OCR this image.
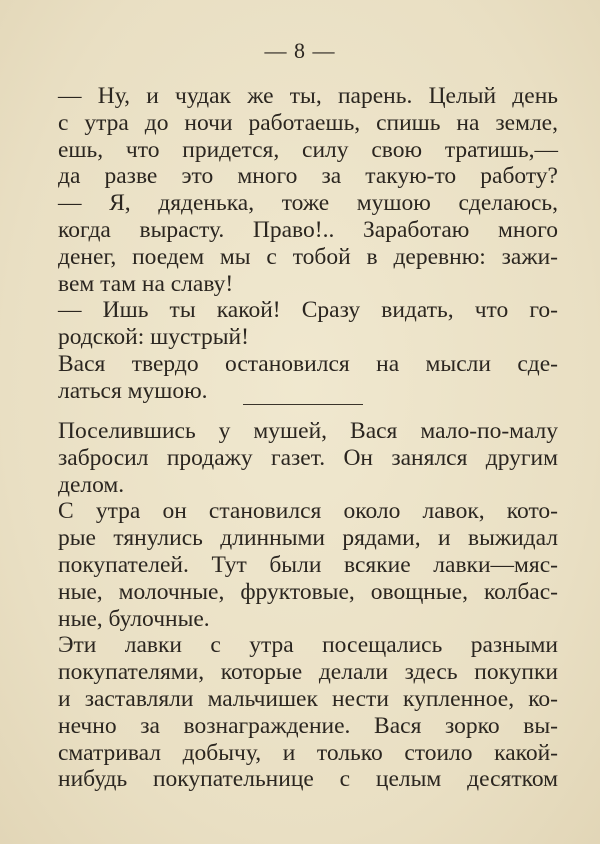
— 8 —
— Ну, и чудак же ты, парень. Целый день
с утра до ночи работаешь, спишь на земле,
ешь, что придется, силу свою тратишь,—
да разве это много за такую-то работу?
— Я, дяденька, тоже мушою сделаюсь,
когда вырасту. Право!.. Заработаю много
денег, поедем мы с тобой в деревню: зажи-
вем там на славу!
— Ишь ты какой! Сразу видать, что го-
родской: шустрый!
Вася твердо остановился на мысли сде-
латься мушою.
Поселившись у мушей, Вася мало-по-малу
забросил продажу газет. Он занялся другим
делом.
С утра он становился около лавок, кото-
рые тянулись длинными рядами, и выжидал
покупателей. Тут были всякие лавки—мяс-
ные, молочные, фруктовые, овощные, колбас-
ные, булочные.
Эти лавки с утра посещались разными
покупателями, которые делали здесь покупки
и заставляли мальчишек нести купленное, ко-
нечно за вознаграждение. Вася зорко вы-
сматривал добычу, и только стоило какой-
нибудь покупательнице с целым десятком
